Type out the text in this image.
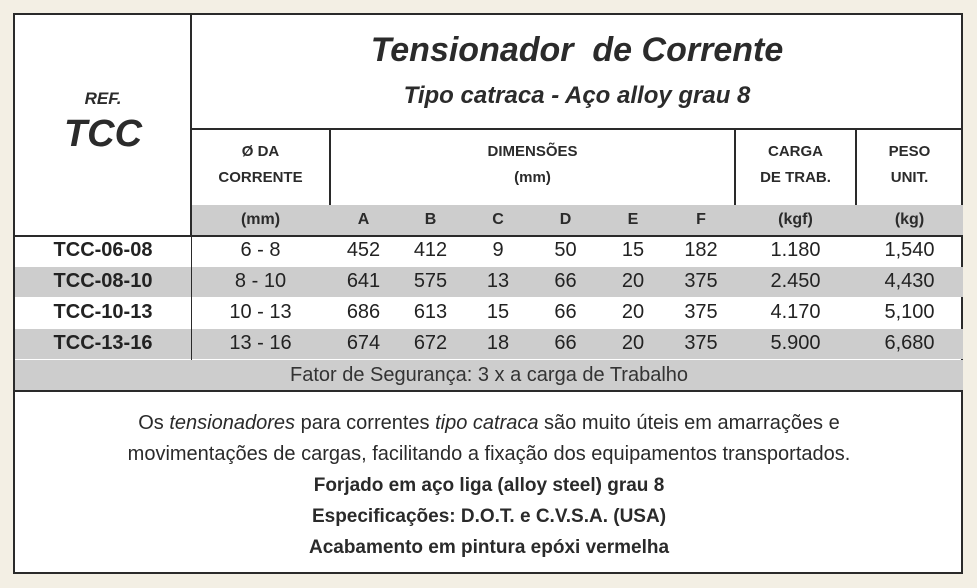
REF.
TCC
Tensionador  de Corrente
Tipo catraca - Aço alloy grau 8
Ø DA
CORRENTE
DIMENSÕES
(mm)
CARGA
DE TRAB.
PESO
UNIT.
(mm)	A	B	C	D	E	F	(kgf)	(kg)
TCC-06-08	6 - 8	452	412	9	50	15	182	1.180	1,540
TCC-08-10	8 - 10	641	575	13	66	20	375	2.450	4,430
TCC-10-13	10 - 13	686	613	15	66	20	375	4.170	5,100
TCC-13-16	13 - 16	674	672	18	66	20	375	5.900	6,680
Fator de Segurança: 3 x a carga de Trabalho
Os tensionadores para correntes tipo catraca são muito úteis em amarrações e
movimentações de cargas, facilitando a fixação dos equipamentos transportados.
Forjado em aço liga (alloy steel) grau 8
Especificações: D.O.T. e C.V.S.A. (USA)
Acabamento em pintura epóxi vermelha
